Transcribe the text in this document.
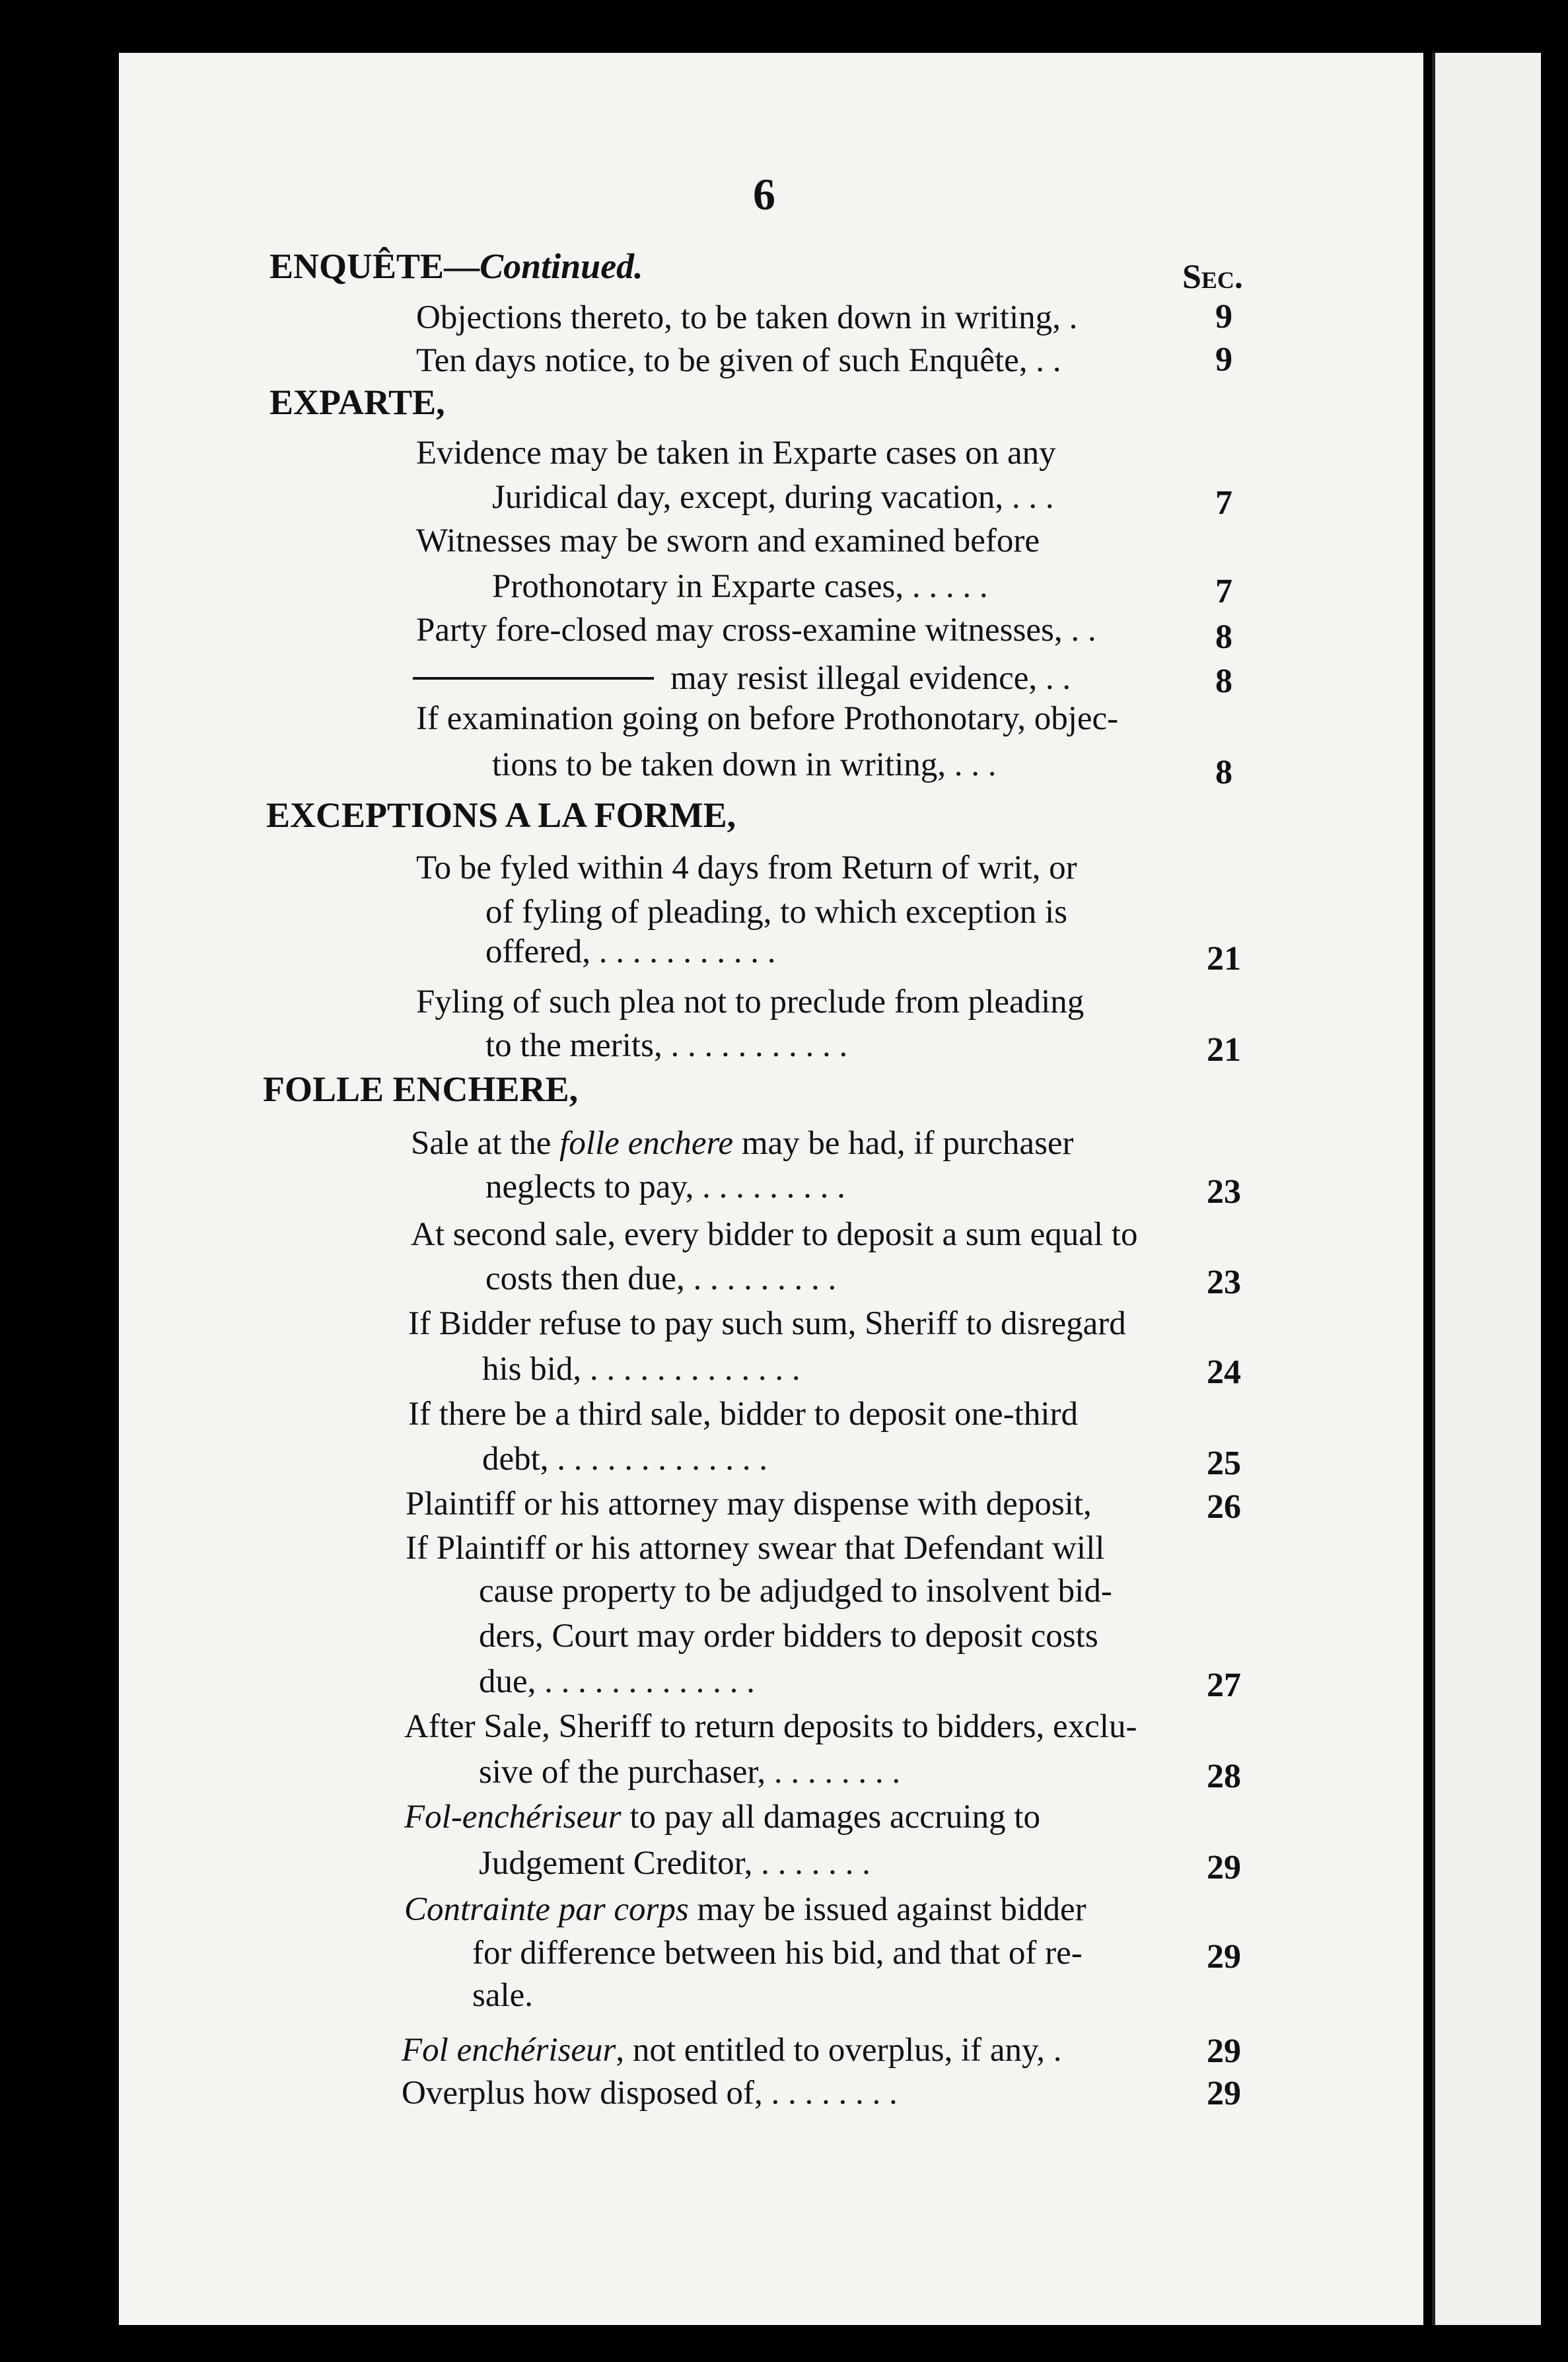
6
ENQUÊTE—Continued.	Sec.
Objections thereto, to be taken down in writing, .	9
Ten days notice, to be given of such Enquête, . .	9
EXPARTE,
Evidence may be taken in Exparte cases on any
Juridical day, except, during vacation, . . .	7
Witnesses may be sworn and examined before
Prothonotary in Exparte cases, . . . . .	7
Party fore-closed may cross-examine witnesses, . .	8
may resist illegal evidence, . .	8
If examination going on before Prothonotary, objec-
tions to be taken down in writing, . . .	8
EXCEPTIONS A LA FORME,
To be fyled within 4 days from Return of writ, or
of fyling of pleading, to which exception is
offered, . . . . . . . . . . .	21
Fyling of such plea not to preclude from pleading
to the merits, . . . . . . . . . . .	21
FOLLE ENCHERE,
Sale at the folle enchere may be had, if purchaser
neglects to pay, . . . . . . . . .	23
At second sale, every bidder to deposit a sum equal to
costs then due, . . . . . . . . .	23
If Bidder refuse to pay such sum, Sheriff to disregard
his bid, . . . . . . . . . . . . .	24
If there be a third sale, bidder to deposit one-third
debt, . . . . . . . . . . . . .	25
Plaintiff or his attorney may dispense with deposit,	26
If Plaintiff or his attorney swear that Defendant will
cause property to be adjudged to insolvent bid-
ders, Court may order bidders to deposit costs
due, . . . . . . . . . . . . .	27
After Sale, Sheriff to return deposits to bidders, exclu-
sive of the purchaser, . . . . . . . .	28
Fol-enchériseur to pay all damages accruing to
Judgement Creditor, . . . . . . .	29
Contrainte par corps may be issued against bidder
for difference between his bid, and that of re-	29
sale.
Fol enchériseur, not entitled to overplus, if any, .	29
Overplus how disposed of, . . . . . . . .	29
